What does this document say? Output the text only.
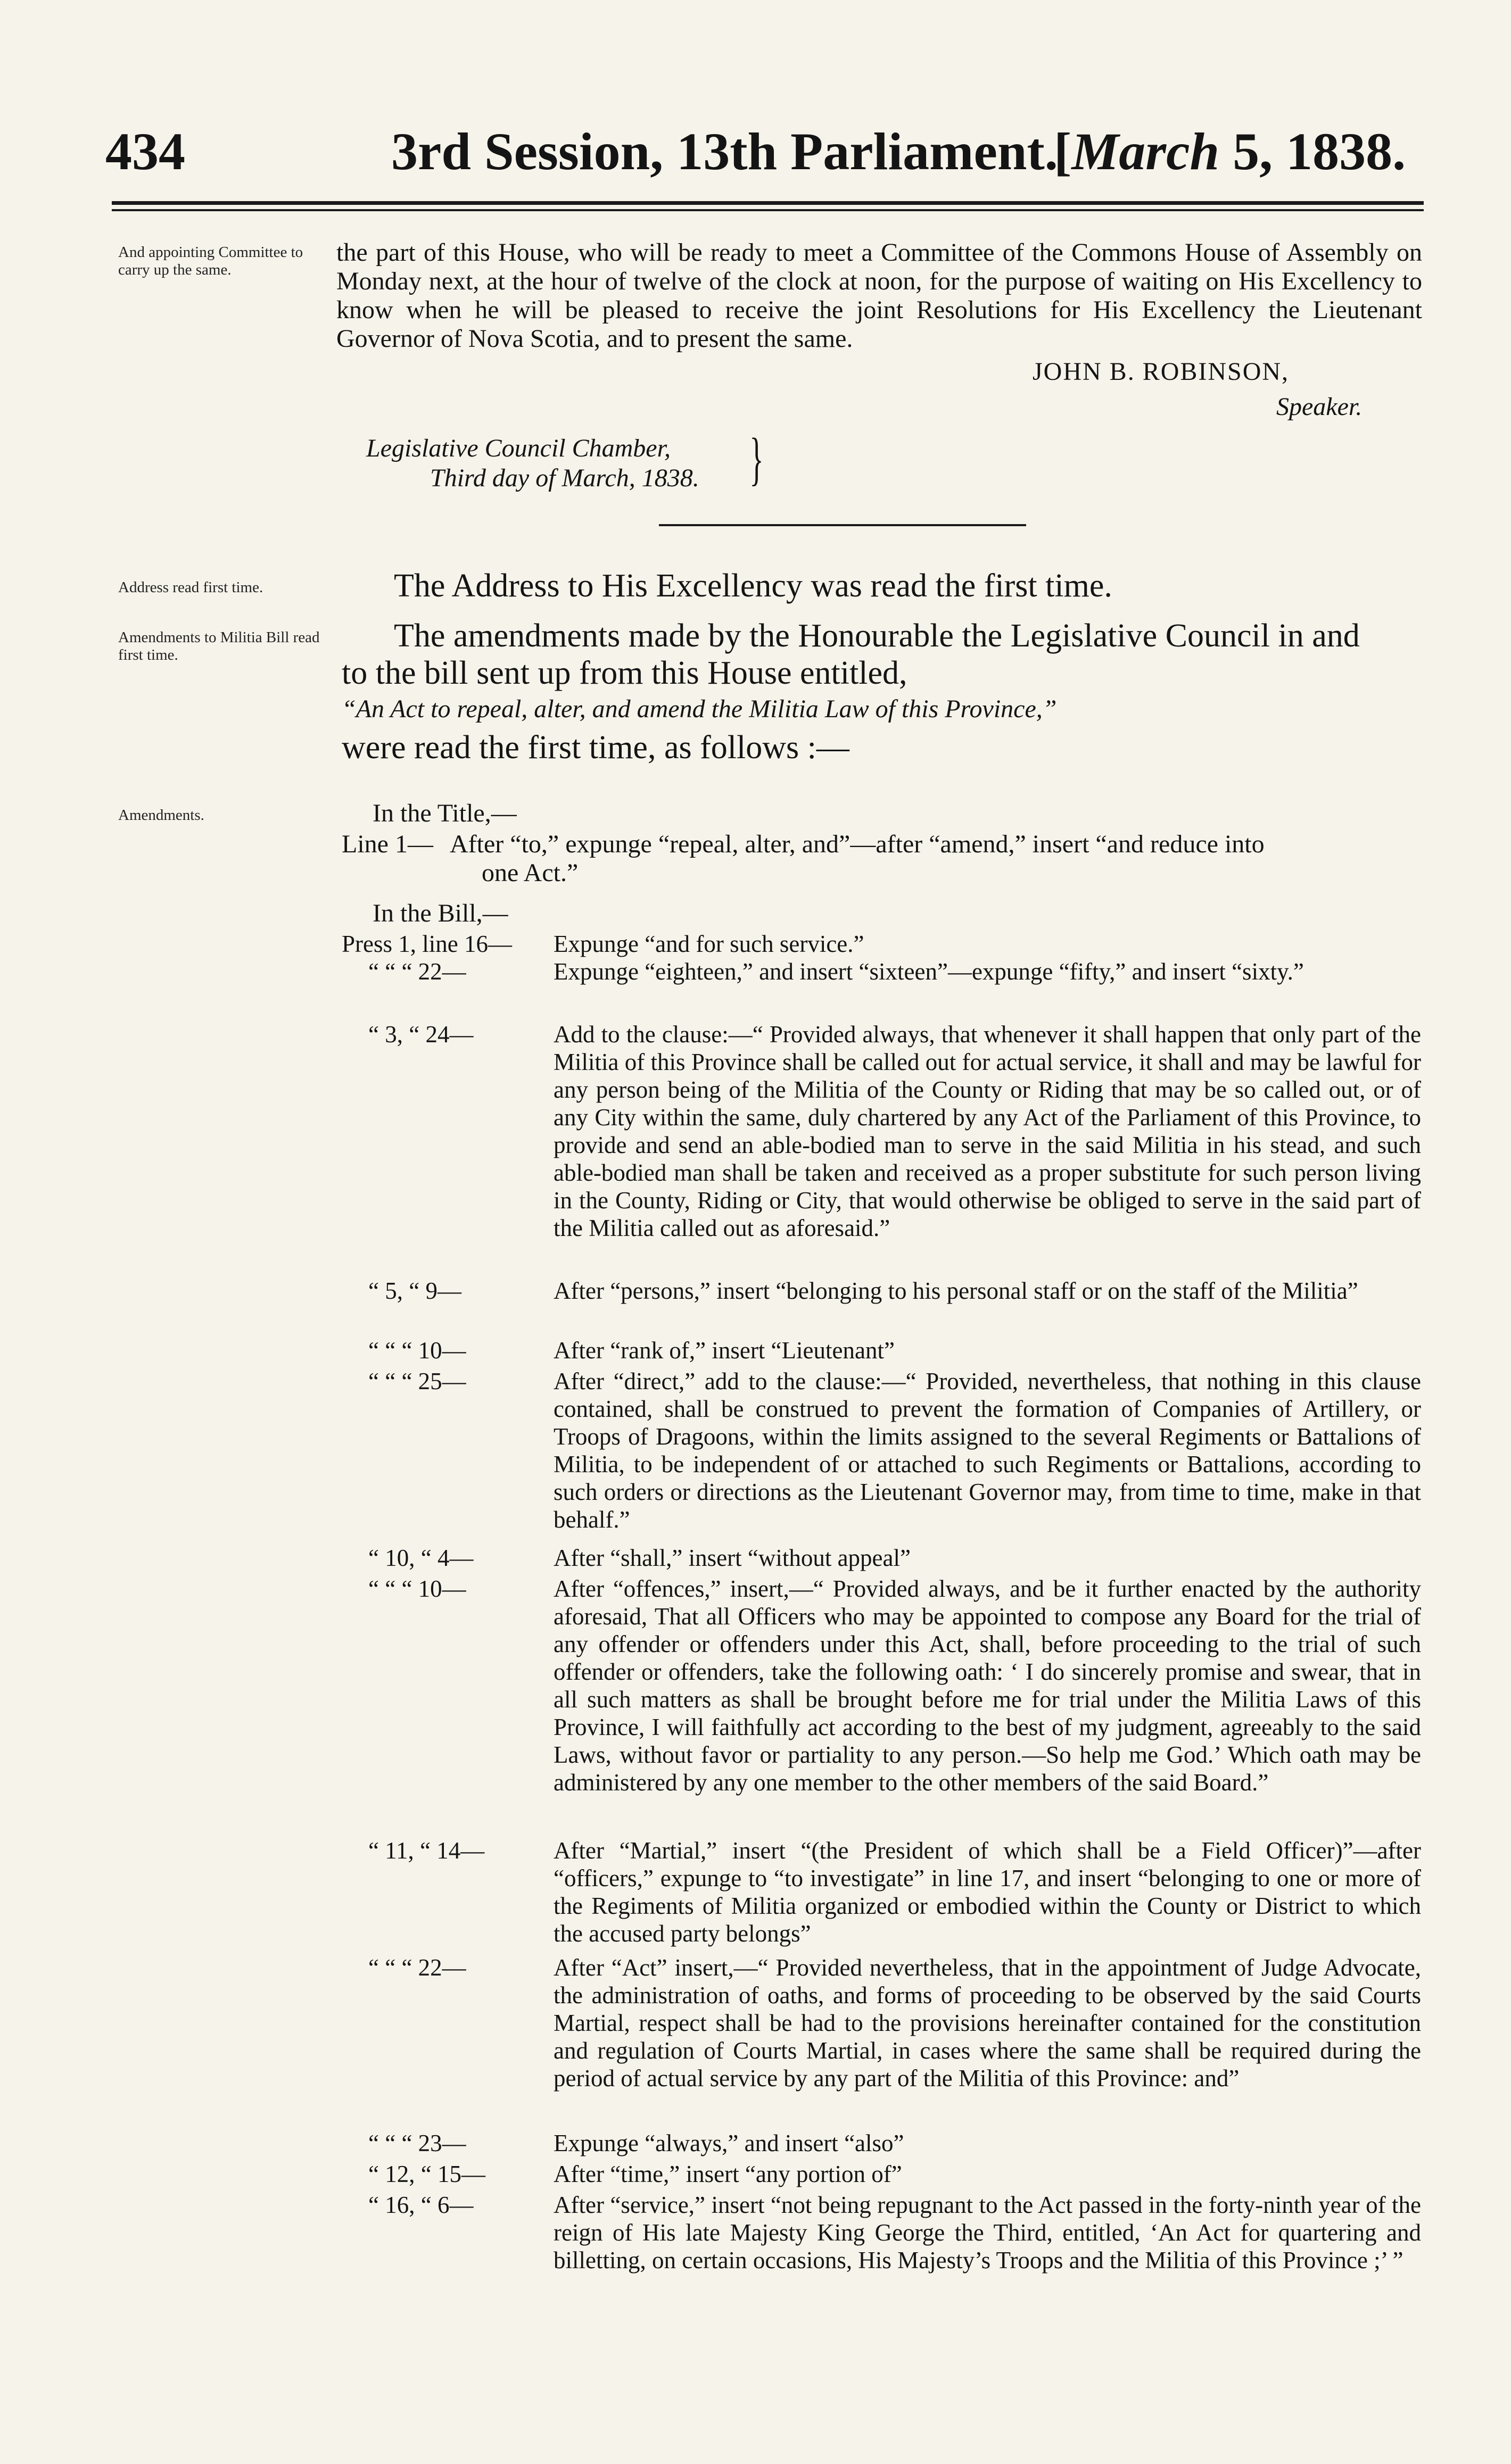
434	3rd Session, 13th Parliament.
[March 5, 1838.
And appointing Committee to carry up the same.
Address read first time.
Amendments to Militia Bill read first time.
Amendments.
the part of this House, who will be ready to meet a Committee of the Commons House of Assembly on Monday next, at the hour of twelve of the clock at noon, for the purpose of waiting on His Excellency to know when he will be pleased to receive the joint Resolutions for His Excellency the Lieutenant Governor of Nova Scotia, and to present the same.
JOHN B. ROBINSON,
Speaker.
Legislative Council Chamber,
Third day of March, 1838. }
The Address to His Excellency was read the first time.
The amendments made by the Honourable the Legislative Council in and
to the bill sent up from this House entitled,
“An Act to repeal, alter, and amend the Militia Law of this Province,”
were read the first time, as follows :—
In the Title,—
Line 1— After “to,” expunge “repeal, alter, and”—after “amend,” insert “and reduce into
one Act.”
In the Bill,—
Press 1, line 16— Expunge “and for such service.”
“ “ “ 22—	Expunge “eighteen,” and insert “sixteen”—expunge “fifty,” and insert “sixty.”
“ 3, “ 24—	Add to the clause:—“ Provided always, that whenever it shall happen that only part of the Militia of this Province shall be called out for actual service, it shall and may be lawful for any person being of the Militia of the County or Riding that may be so called out, or of any City within the same, duly chartered by any Act of the Parliament of this Province, to provide and send an able-bodied man to serve in the said Militia in his stead, and such able-bodied man shall be taken and received as a proper substitute for such person living in the County, Riding or City, that would otherwise be obliged to serve in the said part of the Militia called out as aforesaid.”
“ 5, “ 9—	After “persons,” insert “belonging to his personal staff or on the staff of the Militia”
“ “ “ 10—	After “rank of,” insert “Lieutenant”
“ “ “ 25—	After “direct,” add to the clause:—“ Provided, nevertheless, that nothing in this clause contained, shall be construed to prevent the formation of Companies of Artillery, or Troops of Dragoons, within the limits assigned to the several Regiments or Battalions of Militia, to be independent of or attached to such Regiments or Battalions, according to such orders or directions as the Lieutenant Governor may, from time to time, make in that behalf.”
“ 10, “ 4—	After “shall,” insert “without appeal”
“ “ “ 10—	After “offences,” insert,—“ Provided always, and be it further enacted by the authority aforesaid, That all Officers who may be appointed to compose any Board for the trial of any offender or offenders under this Act, shall, before proceeding to the trial of such offender or offenders, take the following oath: ‘ I do sincerely promise and swear, that in all such matters as shall be brought before me for trial under the Militia Laws of this Province, I will faithfully act according to the best of my judgment, agreeably to the said Laws, without favor or partiality to any person.—So help me God.’ Which oath may be administered by any one member to the other members of the said Board.”
“ 11, “ 14—	After “Martial,” insert “(the President of which shall be a Field Officer)”—after “officers,” expunge to “to investigate” in line 17, and insert “belonging to one or more of the Regiments of Militia organized or embodied within the County or District to which the accused party belongs”
“ “ “ 22—	After “Act” insert,—“ Provided nevertheless, that in the appointment of Judge Advocate, the administration of oaths, and forms of proceeding to be observed by the said Courts Martial, respect shall be had to the provisions hereinafter contained for the constitution and regulation of Courts Martial, in cases where the same shall be required during the period of actual service by any part of the Militia of this Province: and”
“ “ “ 23—	Expunge “always,” and insert “also”
“ 12, “ 15—	After “time,” insert “any portion of”
“ 16, “ 6—	After “service,” insert “not being repugnant to the Act passed in the forty-ninth year of the reign of His late Majesty King George the Third, entitled, ‘An Act for quartering and billetting, on certain occasions, His Majesty’s Troops and the Militia of this Province ;’ ”
